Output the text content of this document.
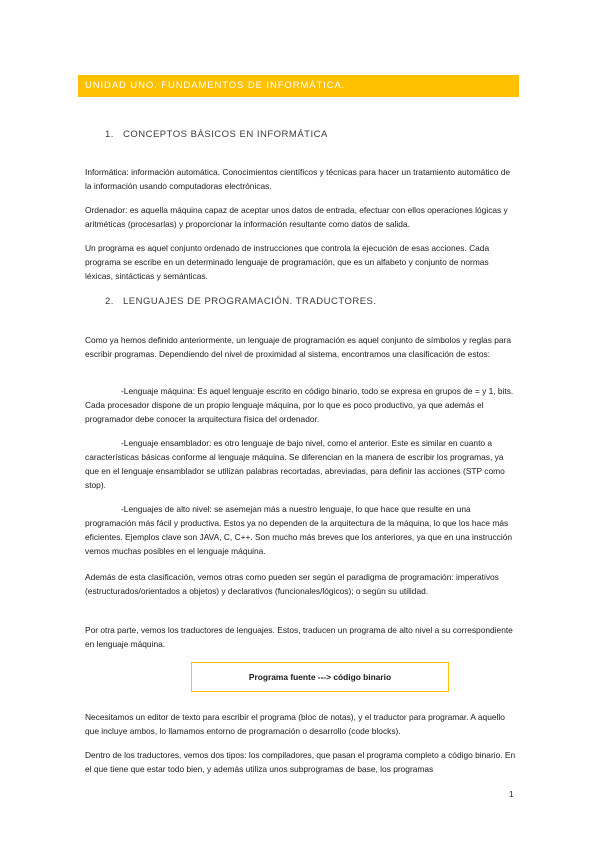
UNIDAD UNO. FUNDAMENTOS DE INFORMÁTICA.
1. CONCEPTOS BÁSICOS EN INFORMÁTICA
Informática: información automática. Conocimientos científicos y técnicas para hacer un tratamiento automático de la información usando computadoras electrónicas.
Ordenador: es aquella máquina capaz de aceptar unos datos de entrada, efectuar con ellos operaciones lógicas y aritméticas (procesarlas) y proporcionar la información resultante como datos de salida.
Un programa es aquel conjunto ordenado de instrucciones que controla la ejecución de esas acciones. Cada programa se escribe en un determinado lenguaje de programación, que es un alfabeto y conjunto de normas léxicas, sintácticas y semánticas.
2. LENGUAJES DE PROGRAMACIÓN. TRADUCTORES.
Como ya hemos definido anteriormente, un lenguaje de programación es aquel conjunto de símbolos y reglas para escribir programas. Dependiendo del nivel de proximidad al sistema, encontramos una clasificación de estos:
-Lenguaje máquina: Es aquel lenguaje escrito en código binario, todo se expresa en grupos de = y 1, bits. Cada procesador dispone de un propio lenguaje máquina, por lo que es poco productivo, ya que además el programador debe conocer la arquitectura física del ordenador.
-Lenguaje ensamblador: es otro lenguaje de bajo nivel, como el anterior. Este es similar en cuanto a características básicas conforme al lenguaje máquina. Se diferencian en la manera de escribir los programas, ya que en el lenguaje ensamblador se utilizan palabras recortadas, abreviadas, para definir las acciones (STP como stop).
-Lenguajes de alto nivel: se asemejan más a nuestro lenguaje, lo que hace que resulte en una programación más fácil y productiva. Estos ya no dependen de la arquitectura de la máquina, lo que los hace más eficientes. Ejemplos clave son JAVA, C, C++. Son mucho más breves que los anteriores, ya que en una instrucción vemos muchas posibles en el lenguaje máquina.
Además de esta clasificación, vemos otras como pueden ser según el paradigma de programación: imperativos (estructurados/orientados a objetos) y declarativos (funcionales/lógicos); o según su utilidad.
Por otra parte, vemos los traductores de lenguajes. Estos, traducen un programa de alto nivel a su correspondiente en lenguaje máquina.
Programa fuente ---> código binario
Necesitamos un editor de texto para escribir el programa (bloc de notas), y el traductor para programar. A aquello que incluye ambos, lo llamamos entorno de programación o desarrollo (code blocks).
Dentro de los traductores, vemos dos tipos: los compiladores, que pasan el programa completo a código binario. En el que tiene que estar todo bien, y además utiliza unos subprogramas de base, los programas
1
